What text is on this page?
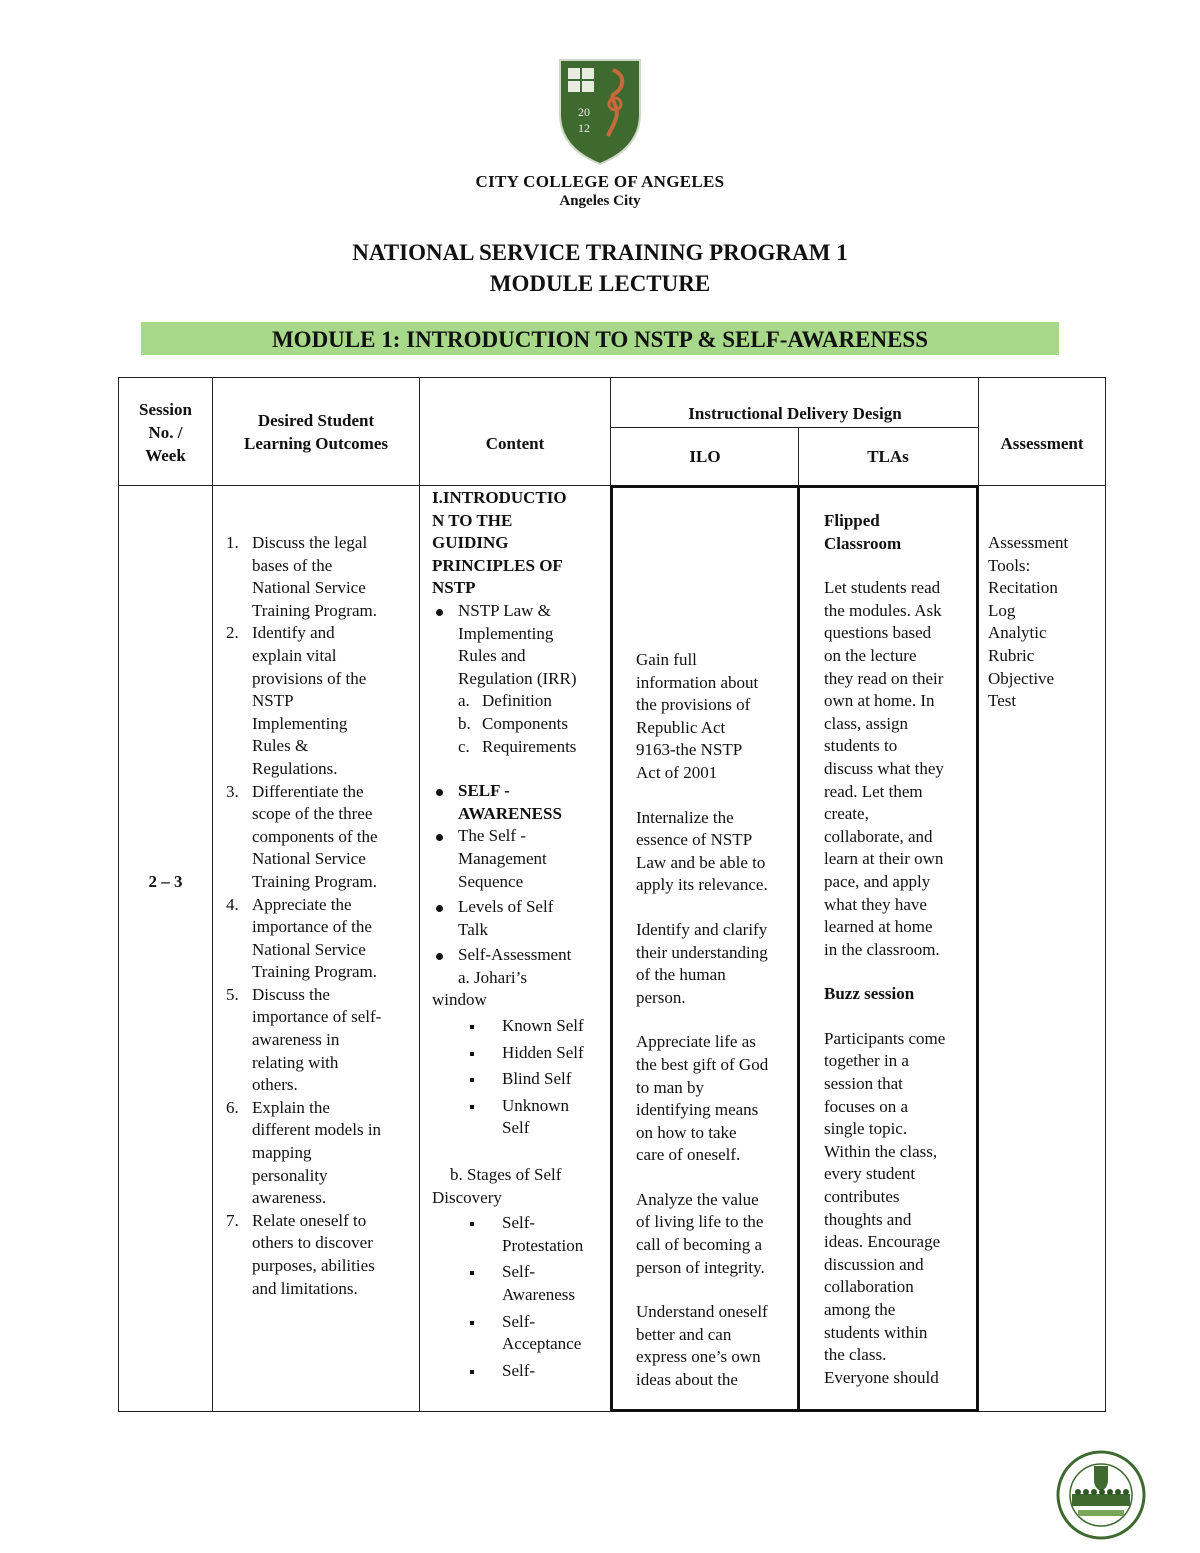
20
12
CITY COLLEGE OF ANGELES
Angeles City
NATIONAL SERVICE TRAINING PROGRAM 1
MODULE LECTURE
MODULE 1: INTRODUCTION TO NSTP & SELF-AWARENESS
Session
No. /
Week
Desired Student
Learning Outcomes	Content
Instructional Delivery Design
ILO	TLAs
Assessment
2 – 3
1. Discuss the legal
bases of the
National Service
Training Program.
2. Identify and
explain vital
provisions of the
NSTP
Implementing
Rules &
Regulations.
3. Differentiate the
scope of the three
components of the
National Service
Training Program.
4. Appreciate the
importance of the
National Service
Training Program.
5. Discuss the
importance of self-
awareness in
relating with
others.
6. Explain the
different models in
mapping
personality
awareness.
7. Relate oneself to
others to discover
purposes, abilities
and limitations.
I.INTRODUCTIO
N TO THE
GUIDING
PRINCIPLES OF
NSTP
NSTP Law &
Implementing
Rules and
Regulation (IRR)
a. Definition
b. Components
c. Requirements
SELF -
AWARENESS
The Self -
Management
Sequence
Levels of Self
Talk
Self-Assessment
a. Johari’s
window
Known Self
Hidden Self
Blind Self
Unknown
Self
b. Stages of Self
Discovery
Self-
Protestation
Self-
Awareness
Self-
Acceptance
Self-
Gain full
information about
the provisions of
Republic Act
9163-the NSTP
Act of 2001
Internalize the
essence of NSTP
Law and be able to
apply its relevance.
Identify and clarify
their understanding
of the human
person.
Appreciate life as
the best gift of God
to man by
identifying means
on how to take
care of oneself.
Analyze the value
of living life to the
call of becoming a
person of integrity.
Understand oneself
better and can
express one’s own
ideas about the
Flipped
Classroom
Let students read
the modules. Ask
questions based
on the lecture
they read on their
own at home. In
class, assign
students to
discuss what they
read. Let them
create,
collaborate, and
learn at their own
pace, and apply
what they have
learned at home
in the classroom.
Buzz session
Participants come
together in a
session that
focuses on a
single topic.
Within the class,
every student
contributes
thoughts and
ideas. Encourage
discussion and
collaboration
among the
students within
the class.
Everyone should
Assessment
Tools:
Recitation
Log
Analytic
Rubric
Objective
Test
